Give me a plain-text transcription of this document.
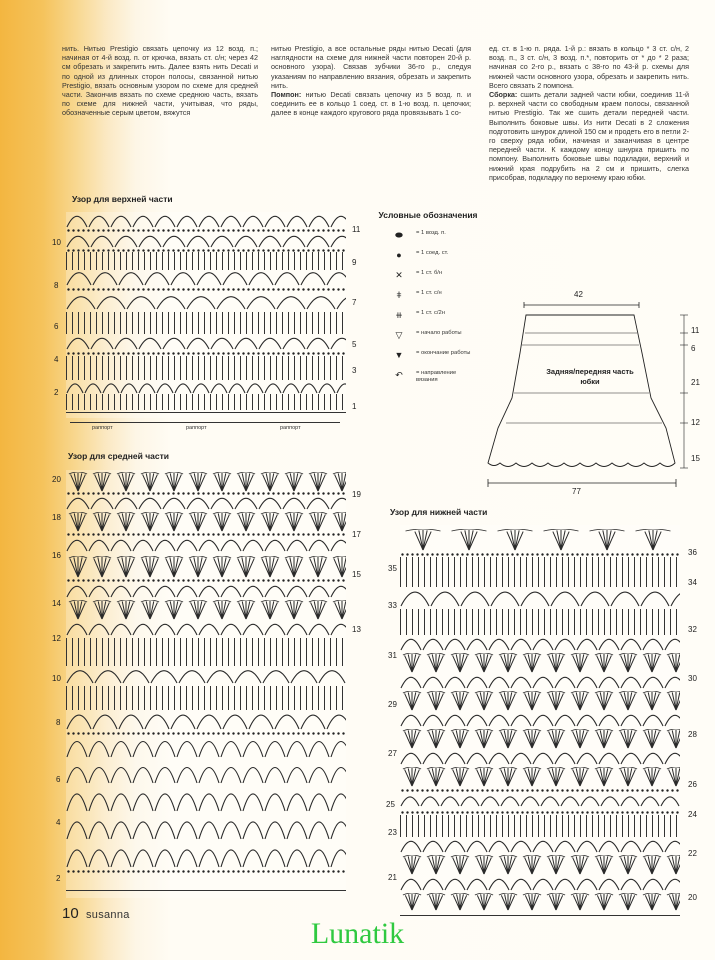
нить. Нитью Prestigio связать цепочку из 12 возд. п.; начиная от 4-й возд. п. от крючка, вязать ст. с/н; через 42 см обрезать и закрепить нить. Далее взять нить Decati и по одной из длинных сторон полосы, связанной нитью Prestigio, вязать основным узором по схеме для средней части. Закончив вязать по схеме среднюю часть, вязать по схеме для нижней части, учитывая, что ряды, обозначенные серым цветом, вяжутся
нитью Prestigio, а все остальные ряды нитью Decati (для наглядности на схеме для нижней части повторен 20-й р. основного узора). Связав зубчики 36-го р., следуя указаниям по направлению вязания, обрезать и закрепить нить.
Помпон: нитью Decati связать цепочку из 5 возд. п. и соединить ее в кольцо 1 соед. ст. в 1-ю возд. п. цепочки; далее в конце каждого кругового ряда провязывать 1 со-
ед. ст. в 1-ю п. ряда. 1-й р.: вязать в кольцо * 3 ст. с/н, 2 возд. п., 3 ст. с/н, 3 возд. п.*, повторить от * до * 2 раза; начиная со 2-го р., вязать с 38-го по 43-й р. схемы для нижней части основного узора, обрезать и закрепить нить. Всего связать 2 помпона.
Сборка: сшить детали задней части юбки, соединив 11-й р. верхней части со свободным краем полосы, связанной нитью Prestigio. Так же сшить детали передней части. Выполнить боковые швы. Из нити Decati в 2 сложения подготовить шнурок длиной 150 см и продеть его в петли 2-го сверху ряда юбки, начиная и заканчивая в центре передней части. К каждому концу шнурка пришить по помпону. Выполнить боковые швы подкладки, верхний и нижний края подрубить на 2 см и пришить, слегка присобрав, подкладку по верхнему краю юбки.
Узор для верхней части
10
8
6
4
2
11
9
7
5
3
1
раппорт	раппорт	раппорт
Условные обозначения
⬬	= 1 возд. п.
●	= 1 соед. ст.
✕	= 1 ст. б/н
ǂ	= 1 ст. с/н
⧺	= 1 ст. с/2н
▽	= начало работы
▼	= окончание работы
↶	= направление вязания
42
Задняя/передняя часть юбки
11
6
21
12
15
77
Узор для средней части
20
18
16
14
12
10
8
6
4
2
19
17
15
13
Узор для нижней части
35
33
31
29
27
25
23
21
36
34
32
30
28
26
24
22
20
10 susanna
Lunatik
